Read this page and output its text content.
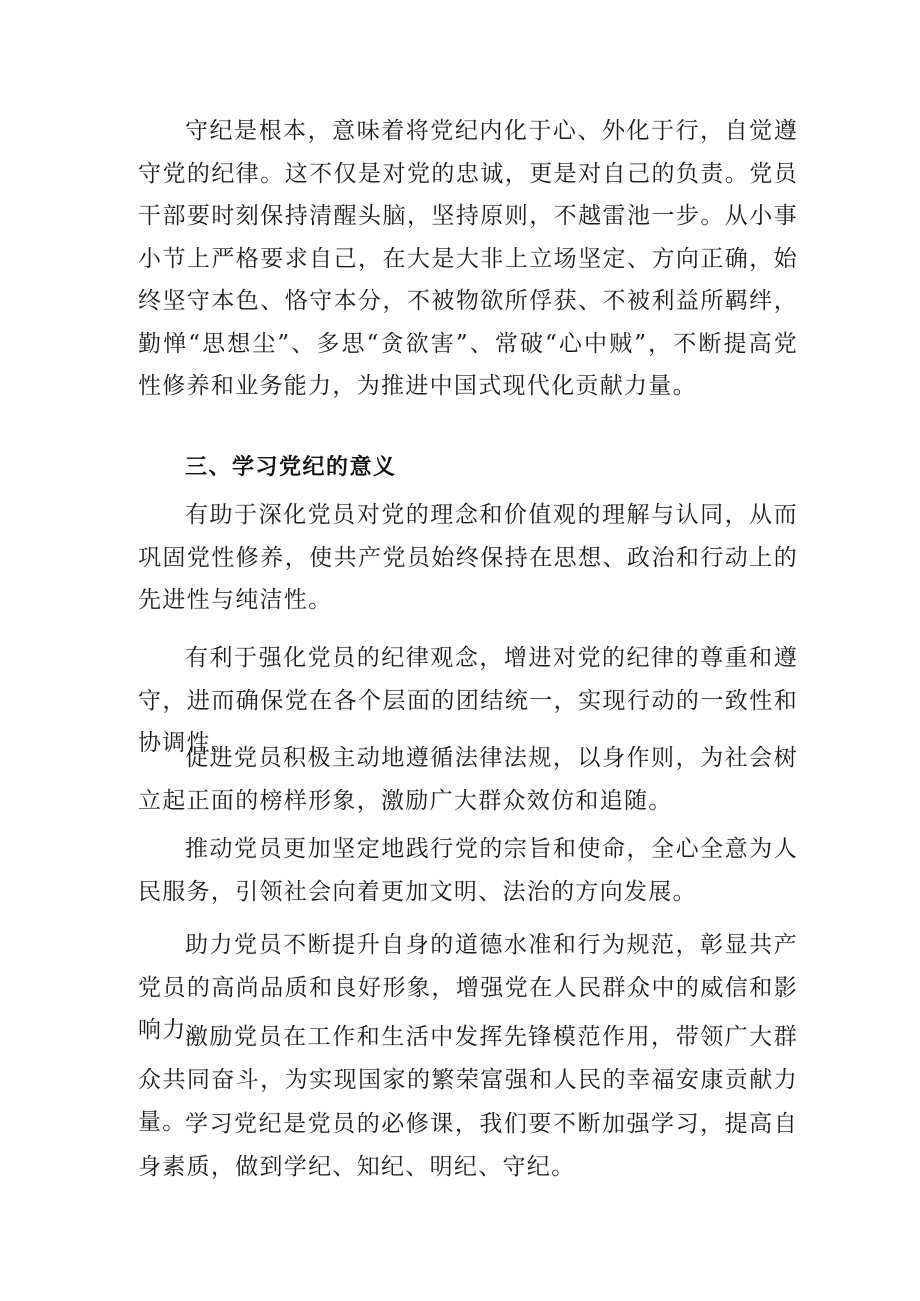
守纪是根本，意味着将党纪内化于心、外化于行，自觉遵守党的纪律。这不仅是对党的忠诚，更是对自己的负责。党员干部要时刻保持清醒头脑，坚持原则，不越雷池一步。从小事小节上严格要求自己，在大是大非上立场坚定、方向正确，始终坚守本色、恪守本分，不被物欲所俘获、不被利益所羁绊，勤惮“思想尘”、多思“贪欲害”、常破“心中贼”，不断提高党性修养和业务能力，为推进中国式现代化贡献力量。

三、学习党纪的意义

有助于深化党员对党的理念和价值观的理解与认同，从而巩固党性修养，使共产党员始终保持在思想、政治和行动上的先进性与纯洁性。

有利于强化党员的纪律观念，增进对党的纪律的尊重和遵守，进而确保党在各个层面的团结统一，实现行动的一致性和协调性。

促进党员积极主动地遵循法律法规，以身作则，为社会树立起正面的榜样形象，激励广大群众效仿和追随。

推动党员更加坚定地践行党的宗旨和使命，全心全意为人民服务，引领社会向着更加文明、法治的方向发展。

助力党员不断提升自身的道德水准和行为规范，彰显共产党员的高尚品质和良好形象，增强党在人民群众中的威信和影响力。

激励党员在工作和生活中发挥先锋模范作用，带领广大群众共同奋斗，为实现国家的繁荣富强和人民的幸福安康贡献力量。

学习党纪是党员的必修课，我们要不断加强学习，提高自身素质，做到学纪、知纪、明纪、守纪。
